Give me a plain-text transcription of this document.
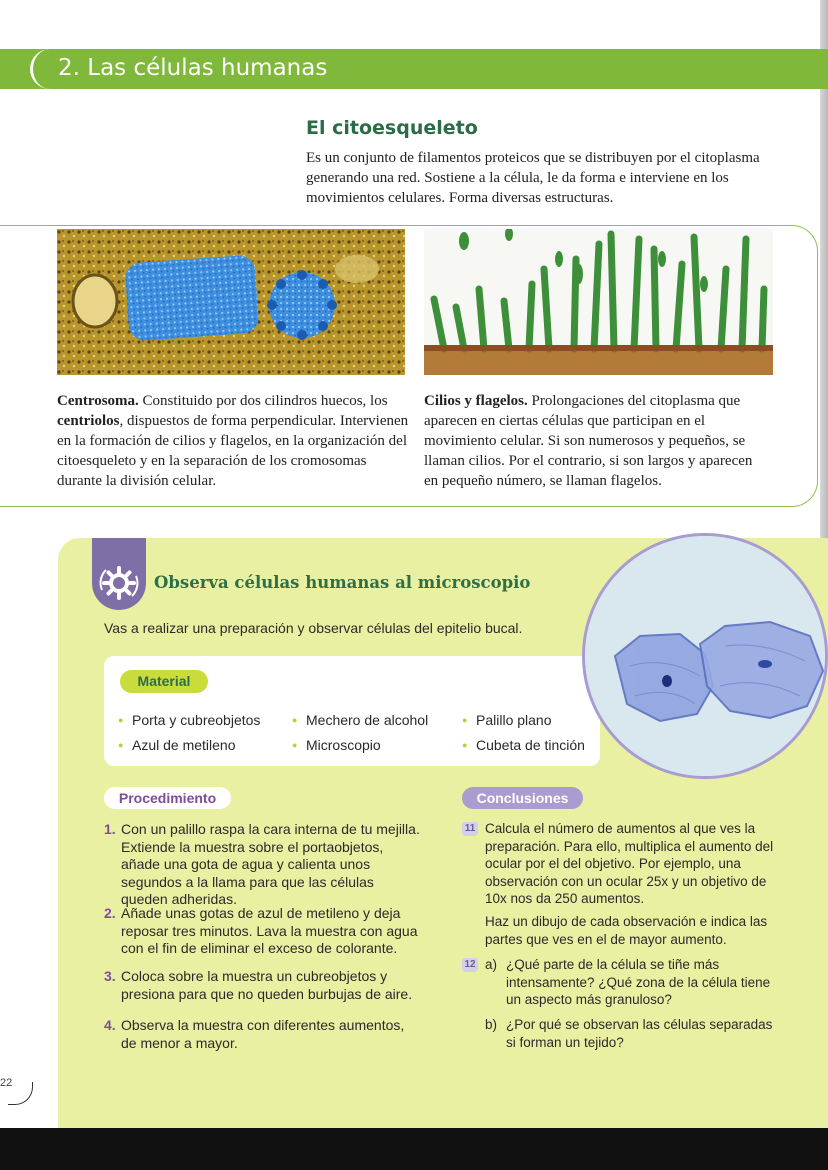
2. Las células humanas
El citoesqueleto
Es un conjunto de filamentos proteicos que se distribuyen por el citoplasma generando una red. Sostiene a la célula, le da forma e interviene en los movimientos celulares. Forma diversas estructuras.
Centrosoma. Constituido por dos cilindros huecos, los centriolos, dispuestos de forma perpendicular. Intervienen en la formación de cilios y flagelos, en la organización del citoesqueleto y en la separación de los cromosomas durante la división celular.
Cilios y flagelos. Prolongaciones del citoplasma que aparecen en ciertas células que participan en el movimiento celular. Si son numerosos y pequeños, se llaman cilios. Por el contrario, si son largos y aparecen en pequeño número, se llaman flagelos.
Observa células humanas al microscopio
Vas a realizar una preparación y observar células del epitelio bucal.
Material
● Porta y cubreobjetos	● Mechero de alcohol	● Palillo plano
● Azul de metileno	● Microscopio	● Cubeta de tinción
Procedimiento	Conclusiones
1. Con un palillo raspa la cara interna de tu mejilla. Extiende la muestra sobre el portaobjetos, añade una gota de agua y calienta unos segundos a la llama para que las células queden adheridas.
2. Añade unas gotas de azul de metileno y deja reposar tres minutos. Lava la muestra con agua con el fin de eliminar el exceso de colorante.
3. Coloca sobre la muestra un cubreobjetos y presiona para que no queden burbujas de aire.
4. Observa la muestra con diferentes aumentos, de menor a mayor.
11 Calcula el número de aumentos al que ves la preparación. Para ello, multiplica el aumento del ocular por el del objetivo. Por ejemplo, una observación con un ocular 25x y un objetivo de 10x nos da 250 aumentos.
Haz un dibujo de cada observación e indica las partes que ves en el de mayor aumento.
12 a) ¿Qué parte de la célula se tiñe más intensamente? ¿Qué zona de la célula tiene un aspecto más granuloso?
b) ¿Por qué se observan las células separadas si forman un tejido?
22
